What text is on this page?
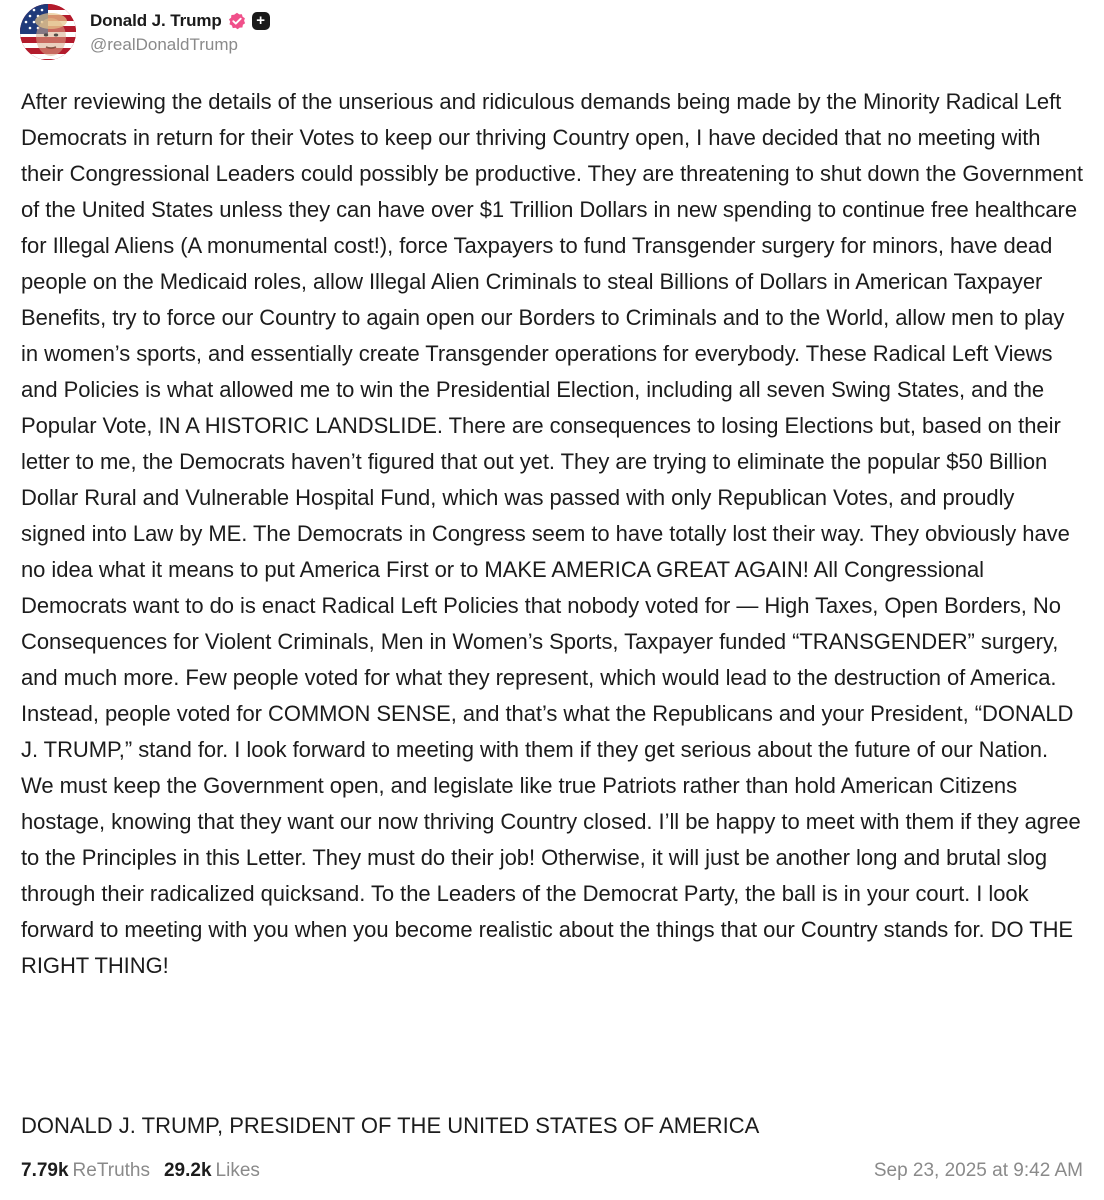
Donald J. Trump	+
@realDonaldTrump

After reviewing the details of the unserious and ridiculous demands being made by the Minority Radical Left Democrats in return for their Votes to keep our thriving Country open, I have decided that no meeting with their Congressional Leaders could possibly be productive. They are threatening to shut down the Government of the United States unless they can have over $1 Trillion Dollars in new spending to continue free healthcare for Illegal Aliens (A monumental cost!), force Taxpayers to fund Transgender surgery for minors, have dead people on the Medicaid roles, allow Illegal Alien Criminals to steal Billions of Dollars in American Taxpayer Benefits, try to force our Country to again open our Borders to Criminals and to the World, allow men to play in women’s sports, and essentially create Transgender operations for everybody. These Radical Left Views and Policies is what allowed me to win the Presidential Election, including all seven Swing States, and the Popular Vote, IN A HISTORIC LANDSLIDE. There are consequences to losing Elections but, based on their letter to me, the Democrats haven’t figured that out yet. They are trying to eliminate the popular $50 Billion Dollar Rural and Vulnerable Hospital Fund, which was passed with only Republican Votes, and proudly signed into Law by ME. The Democrats in Congress seem to have totally lost their way. They obviously have no idea what it means to put America First or to MAKE AMERICA GREAT AGAIN! All Congressional Democrats want to do is enact Radical Left Policies that nobody voted for — High Taxes, Open Borders, No Consequences for Violent Criminals, Men in Women’s Sports, Taxpayer funded “TRANSGENDER” surgery, and much more. Few people voted for what they represent, which would lead to the destruction of America. Instead, people voted for COMMON SENSE, and that’s what the Republicans and your President, “DONALD J. TRUMP,” stand for. I look forward to meeting with them if they get serious about the future of our Nation. We must keep the Government open, and legislate like true Patriots rather than hold American Citizens hostage, knowing that they want our now thriving Country closed. I’ll be happy to meet with them if they agree to the Principles in this Letter. They must do their job! Otherwise, it will just be another long and brutal slog through their radicalized quicksand. To the Leaders of the Democrat Party, the ball is in your court. I look forward to meeting with you when you become realistic about the things that our Country stands for. DO THE RIGHT THING!

DONALD J. TRUMP, PRESIDENT OF THE UNITED STATES OF AMERICA

7.79k ReTruths 29.2k Likes	Sep 23, 2025 at 9:42 AM
